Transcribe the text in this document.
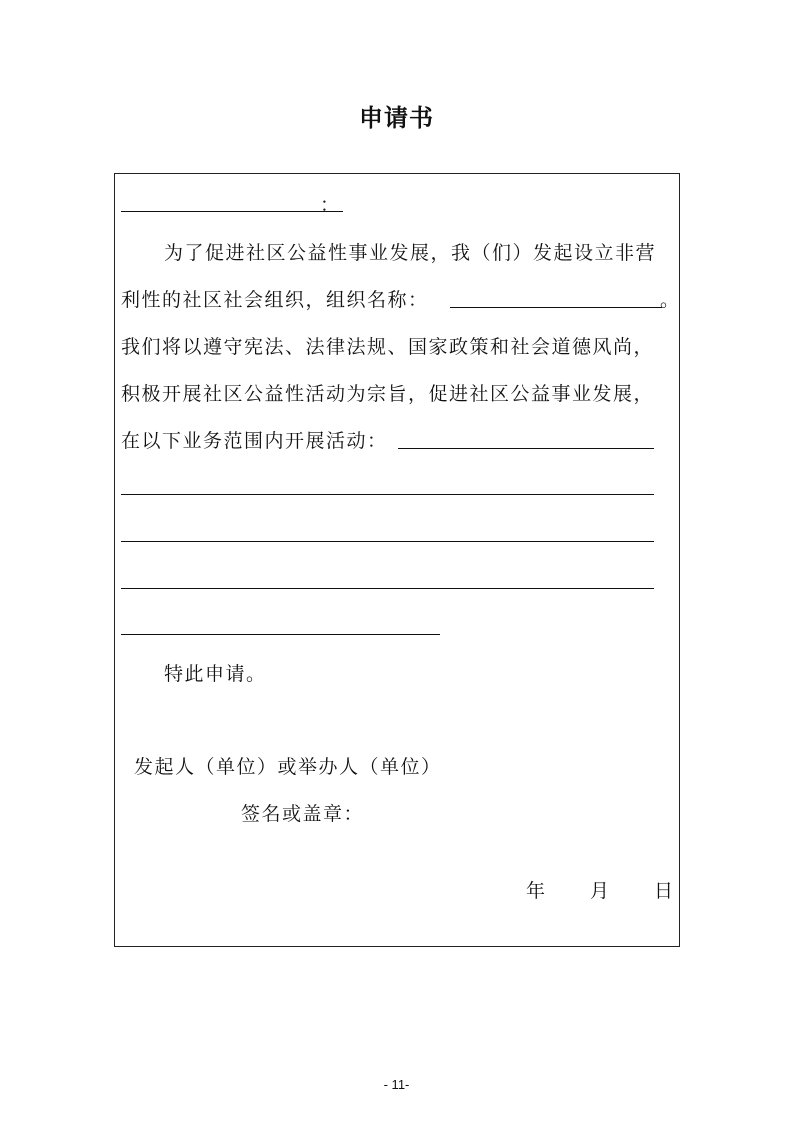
申请书
：
为了促进社区公益性事业发展，我（们）发起设立非营
利性的社区社会组织，组织名称：	。
我们将以遵守宪法、法律法规、国家政策和社会道德风尚，
积极开展社区公益性活动为宗旨，促进社区公益事业发展，
在以下业务范围内开展活动：
特此申请。
发起人（单位）或举办人（单位）
签名或盖章：
年 月 日
- 11-
